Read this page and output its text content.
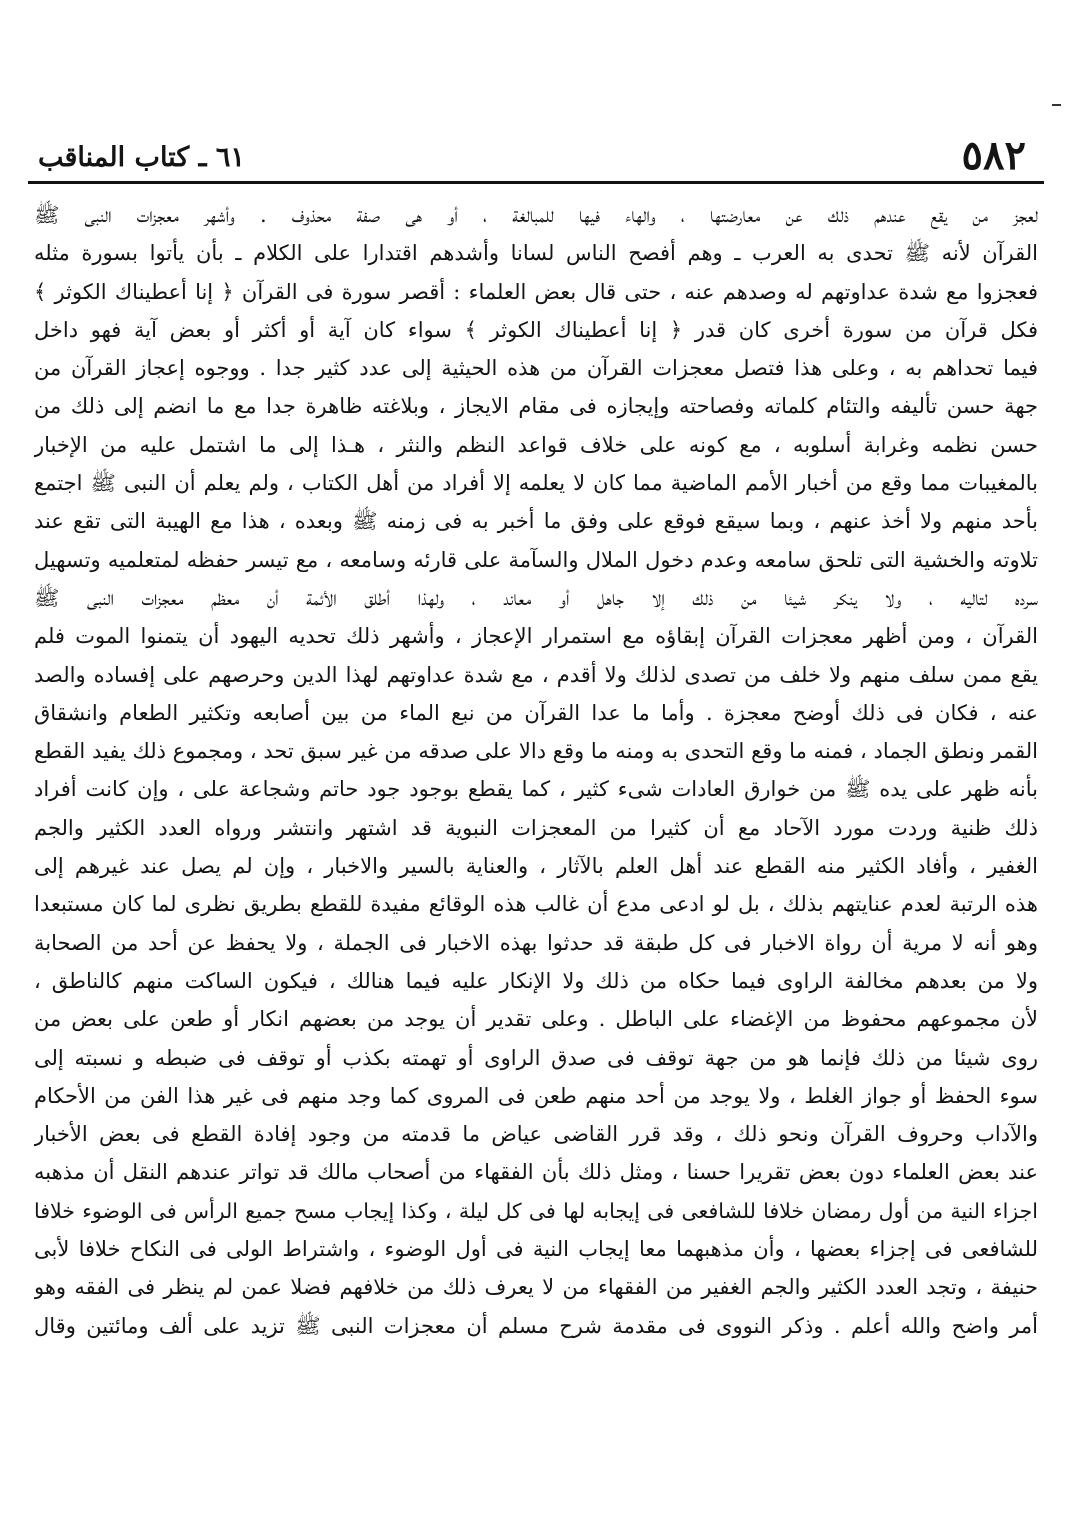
٥٨٢
٦١ ـ كتاب المناقب
لعجز من يقع عندهم ذلك عن معارضتها ، والهاء فيها للمبالغة ، أو هى صفة محذوف . وأشهر معجزات النبى ﷺ
القرآن لأنه ﷺ تحدى به العرب ـ وهم أفصح الناس لسانا وأشدهم اقتدارا على الكلام ـ بأن يأتوا بسورة مثله
فعجزوا مع شدة عداوتهم له وصدهم عنه ، حتى قال بعض العلماء : أقصر سورة فى القرآن ﴿ إنا أعطيناك الكوثر ﴾
فكل قرآن من سورة أخرى كان قدر ﴿ إنا أعطيناك الكوثر ﴾ سواء كان آية أو أكثر أو بعض آية فهو داخل
فيما تحداهم به ، وعلى هذا فتصل معجزات القرآن من هذه الحيثية إلى عدد كثير جدا . ووجوه إعجاز القرآن من
جهة حسن تأليفه والتئام كلماته وفصاحته وإيجازه فى مقام الايجاز ، وبلاغته ظاهرة جدا مع ما انضم إلى ذلك من
حسن نظمه وغرابة أسلوبه ، مع كونه على خلاف قواعد النظم والنثر ، هـذا إلى ما اشتمل عليه من الإخبار
بالمغيبات مما وقع من أخبار الأمم الماضية مما كان لا يعلمه إلا أفراد من أهل الكتاب ، ولم يعلم أن النبى ﷺ اجتمع
بأحد منهم ولا أخذ عنهم ، وبما سيقع فوقع على وفق ما أخبر به فى زمنه ﷺ وبعده ، هذا مع الهيبة التى تقع عند
تلاوته والخشية التى تلحق سامعه وعدم دخول الملال والسآمة على قارئه وسامعه ، مع تيسر حفظه لمتعلميه وتسهيل
سرده لتاليه ، ولا ينكر شيئا من ذلك إلا جاهل أو معاند ، ولهذا أطلق الأئمة أن معظم معجزات النبى ﷺ
القرآن ، ومن أظهر معجزات القرآن إبقاؤه مع استمرار الإعجاز ، وأشهر ذلك تحديه اليهود أن يتمنوا الموت فلم
يقع ممن سلف منهم ولا خلف من تصدى لذلك ولا أقدم ، مع شدة عداوتهم لهذا الدين وحرصهم على إفساده والصد
عنه ، فكان فى ذلك أوضح معجزة . وأما ما عدا القرآن من نبع الماء من بين أصابعه وتكثير الطعام وانشقاق
القمر ونطق الجماد ، فمنه ما وقع التحدى به ومنه ما وقع دالا على صدقه من غير سبق تحد ، ومجموع ذلك يفيد القطع
بأنه ظهر على يده ﷺ من خوارق العادات شىء كثير ، كما يقطع بوجود جود حاتم وشجاعة على ، وإن كانت أفراد
ذلك ظنية وردت مورد الآحاد مع أن كثيرا من المعجزات النبوية قد اشتهر وانتشر ورواه العدد الكثير والجم
الغفير ، وأفاد الكثير منه القطع عند أهل العلم بالآثار ، والعناية بالسير والاخبار ، وإن لم يصل عند غيرهم إلى
هذه الرتبة لعدم عنايتهم بذلك ، بل لو ادعى مدع أن غالب هذه الوقائع مفيدة للقطع بطريق نظرى لما كان مستبعدا
وهو أنه لا مرية أن رواة الاخبار فى كل طبقة قد حدثوا بهذه الاخبار فى الجملة ، ولا يحفظ عن أحد من الصحابة
ولا من بعدهم مخالفة الراوى فيما حكاه من ذلك ولا الإنكار عليه فيما هنالك ، فيكون الساكت منهم كالناطق ،
لأن مجموعهم محفوظ من الإغضاء على الباطل . وعلى تقدير أن يوجد من بعضهم انكار أو طعن على بعض من
روى شيئا من ذلك فإنما هو من جهة توقف فى صدق الراوى أو تهمته بكذب أو توقف فى ضبطه و نسبته إلى
سوء الحفظ أو جواز الغلط ، ولا يوجد من أحد منهم طعن فى المروى كما وجد منهم فى غير هذا الفن من الأحكام
والآداب وحروف القرآن ونحو ذلك ، وقد قرر القاضى عياض ما قدمته من وجود إفادة القطع فى بعض الأخبار
عند بعض العلماء دون بعض تقريرا حسنا ، ومثل ذلك بأن الفقهاء من أصحاب مالك قد تواتر عندهم النقل أن مذهبه
اجزاء النية من أول رمضان خلافا للشافعى فى إيجابه لها فى كل ليلة ، وكذا إيجاب مسح جميع الرأس فى الوضوء خلافا
للشافعى فى إجزاء بعضها ، وأن مذهبهما معا إيجاب النية فى أول الوضوء ، واشتراط الولى فى النكاح خلافا لأبى
حنيفة ، وتجد العدد الكثير والجم الغفير من الفقهاء من لا يعرف ذلك من خلافهم فضلا عمن لم ينظر فى الفقه وهو
أمر واضح والله أعلم . وذكر النووى فى مقدمة شرح مسلم أن معجزات النبى ﷺ تزيد على ألف ومائتين وقال
